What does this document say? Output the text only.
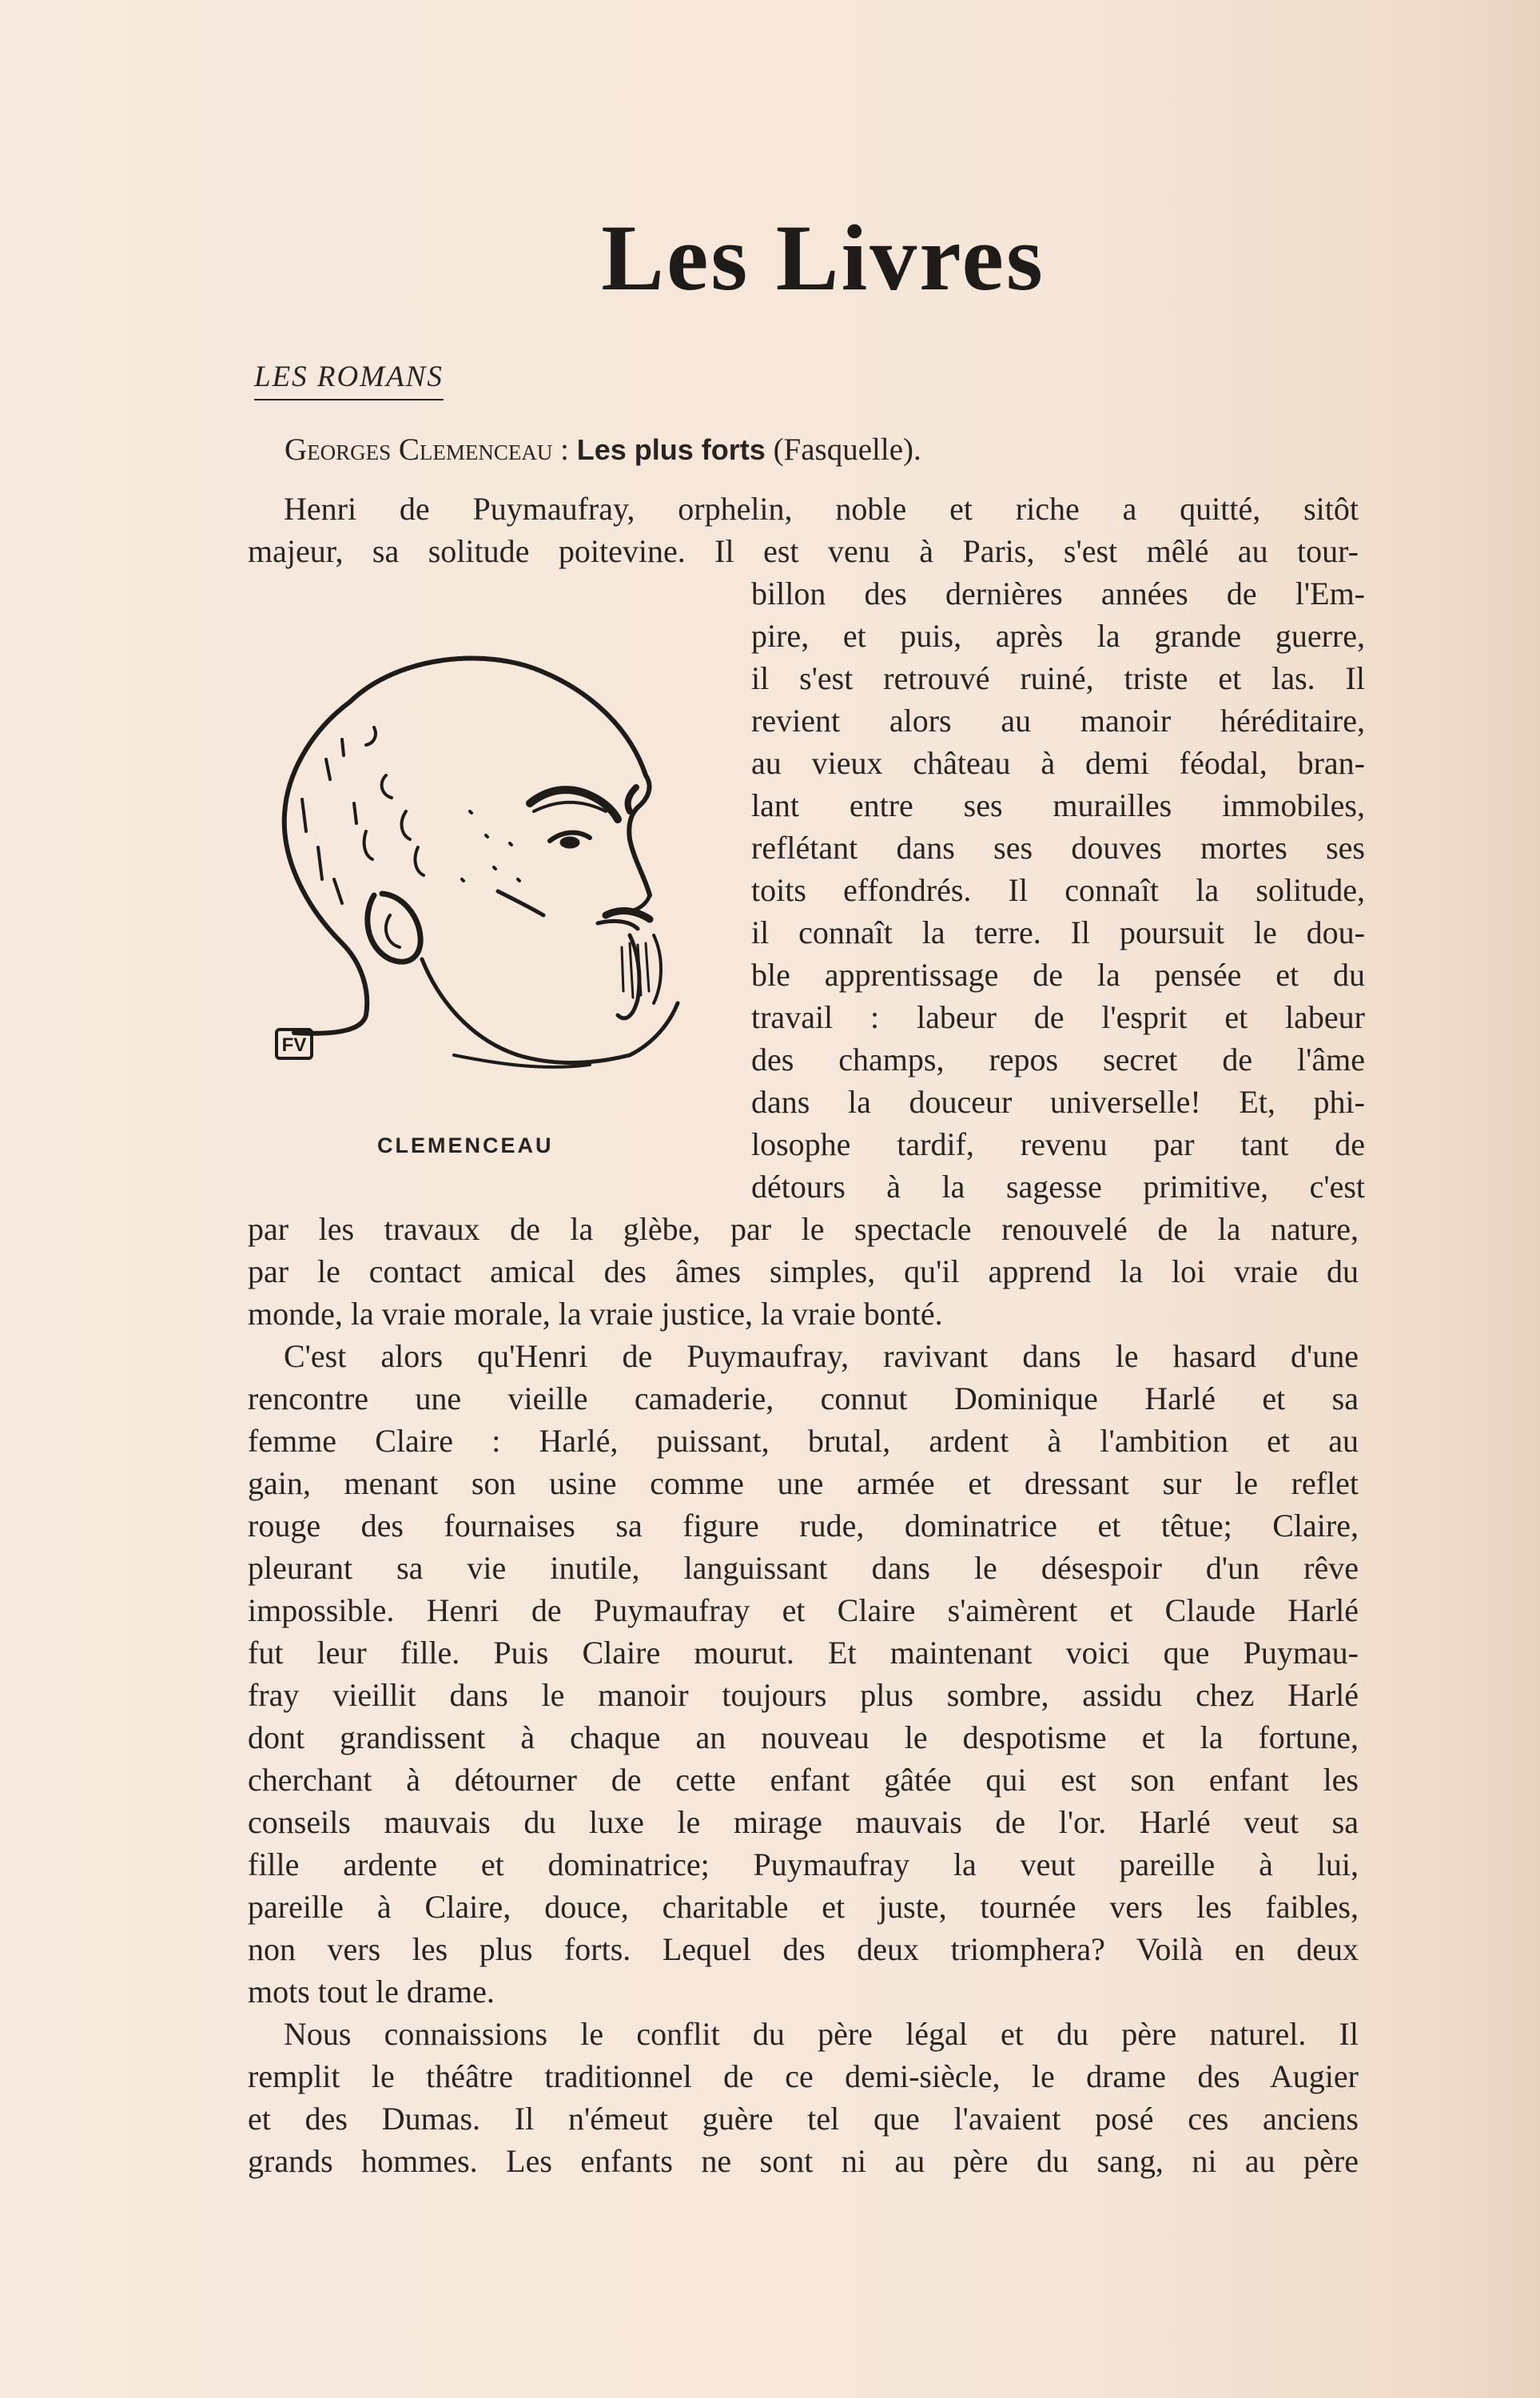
Les Livres
LES ROMANS
Georges Clemenceau : Les plus forts (Fasquelle).
FV
CLEMENCEAU
Henri de Puymaufray, orphelin, noble et riche a quitté, sitôt
majeur, sa solitude poitevine. Il est venu à Paris, s'est mêlé au tour-
billon des dernières années de l'Em-
pire, et puis, après la grande guerre,
il s'est retrouvé ruiné, triste et las. Il
revient alors au manoir héréditaire,
au vieux château à demi féodal, bran-
lant entre ses murailles immobiles,
reflétant dans ses douves mortes ses
toits effondrés. Il connaît la solitude,
il connaît la terre. Il poursuit le dou-
ble apprentissage de la pensée et du
travail : labeur de l'esprit et labeur
des champs, repos secret de l'âme
dans la douceur universelle! Et, phi-
losophe tardif, revenu par tant de
détours à la sagesse primitive, c'est
par les travaux de la glèbe, par le spectacle renouvelé de la nature,
par le contact amical des âmes simples, qu'il apprend la loi vraie du
monde, la vraie morale, la vraie justice, la vraie bonté.
C'est alors qu'Henri de Puymaufray, ravivant dans le hasard d'une
rencontre une vieille camaderie, connut Dominique Harlé et sa
femme Claire : Harlé, puissant, brutal, ardent à l'ambition et au
gain, menant son usine comme une armée et dressant sur le reflet
rouge des fournaises sa figure rude, dominatrice et têtue; Claire,
pleurant sa vie inutile, languissant dans le désespoir d'un rêve
impossible. Henri de Puymaufray et Claire s'aimèrent et Claude Harlé
fut leur fille. Puis Claire mourut. Et maintenant voici que Puymau-
fray vieillit dans le manoir toujours plus sombre, assidu chez Harlé
dont grandissent à chaque an nouveau le despotisme et la fortune,
cherchant à détourner de cette enfant gâtée qui est son enfant les
conseils mauvais du luxe le mirage mauvais de l'or. Harlé veut sa
fille ardente et dominatrice; Puymaufray la veut pareille à lui,
pareille à Claire, douce, charitable et juste, tournée vers les faibles,
non vers les plus forts. Lequel des deux triomphera? Voilà en deux
mots tout le drame.
Nous connaissions le conflit du père légal et du père naturel. Il
remplit le théâtre traditionnel de ce demi-siècle, le drame des Augier
et des Dumas. Il n'émeut guère tel que l'avaient posé ces anciens
grands hommes. Les enfants ne sont ni au père du sang, ni au père
